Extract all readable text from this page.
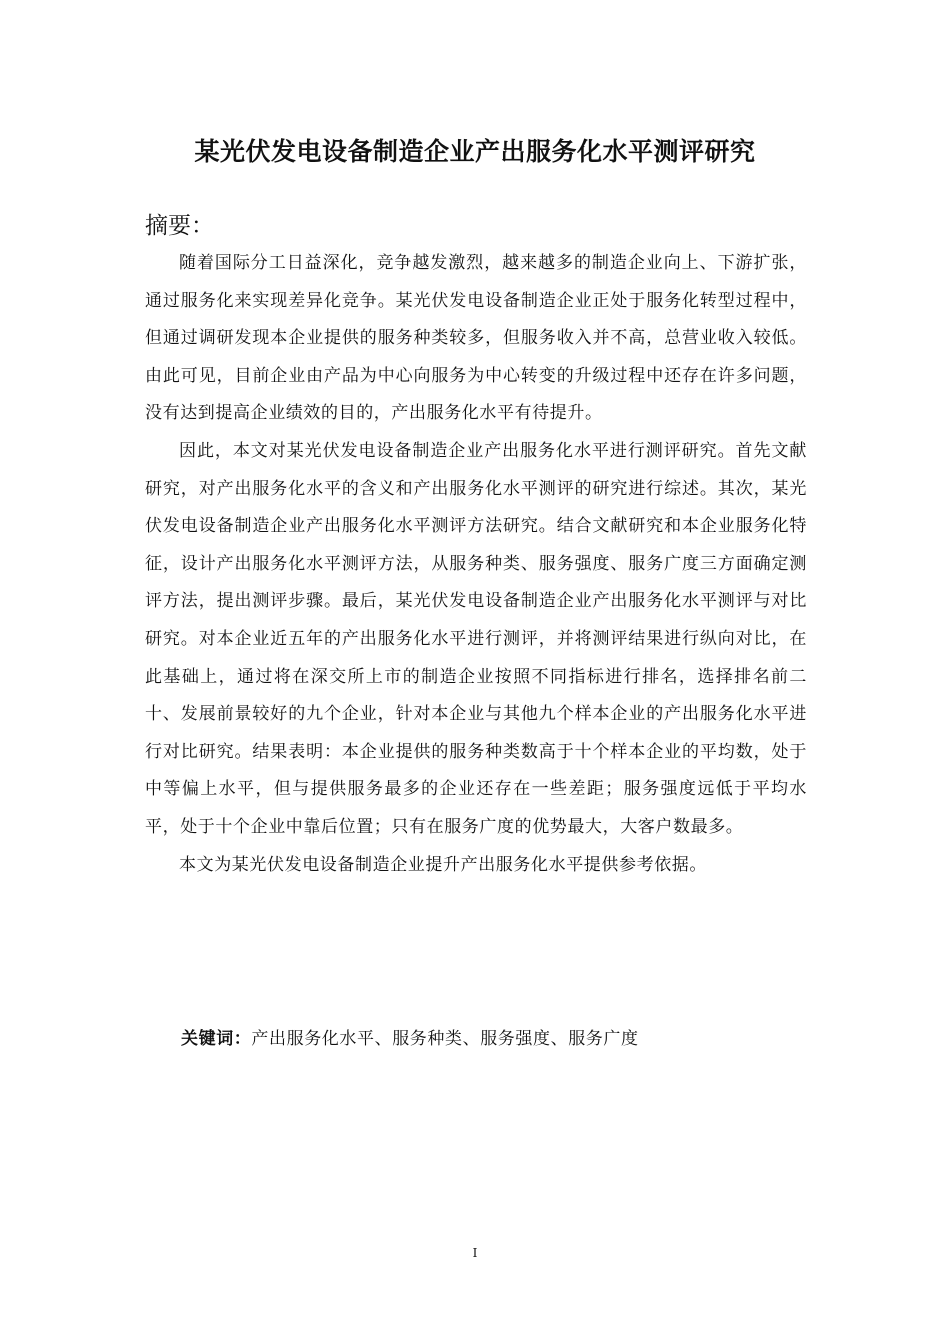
某光伏发电设备制造企业产出服务化水平测评研究
摘要：

随着国际分工日益深化，竞争越发激烈，越来越多的制造企业向上、下游扩张，通过服务化来实现差异化竞争。某光伏发电设备制造企业正处于服务化转型过程中，但通过调研发现本企业提供的服务种类较多，但服务收入并不高，总营业收入较低。由此可见，目前企业由产品为中心向服务为中心转变的升级过程中还存在许多问题，没有达到提高企业绩效的目的，产出服务化水平有待提升。

因此，本文对某光伏发电设备制造企业产出服务化水平进行测评研究。首先文献研究，对产出服务化水平的含义和产出服务化水平测评的研究进行综述。其次，某光伏发电设备制造企业产出服务化水平测评方法研究。结合文献研究和本企业服务化特征，设计产出服务化水平测评方法，从服务种类、服务强度、服务广度三方面确定测评方法，提出测评步骤。最后，某光伏发电设备制造企业产出服务化水平测评与对比研究。对本企业近五年的产出服务化水平进行测评，并将测评结果进行纵向对比，在此基础上，通过将在深交所上市的制造企业按照不同指标进行排名，选择排名前二十、发展前景较好的九个企业，针对本企业与其他九个样本企业的产出服务化水平进行对比研究。结果表明：本企业提供的服务种类数高于十个样本企业的平均数，处于中等偏上水平，但与提供服务最多的企业还存在一些差距；服务强度远低于平均水平，处于十个企业中靠后位置；只有在服务广度的优势最大，大客户数最多。

本文为某光伏发电设备制造企业提升产出服务化水平提供参考依据。

关键词：产出服务化水平、服务种类、服务强度、服务广度
I
